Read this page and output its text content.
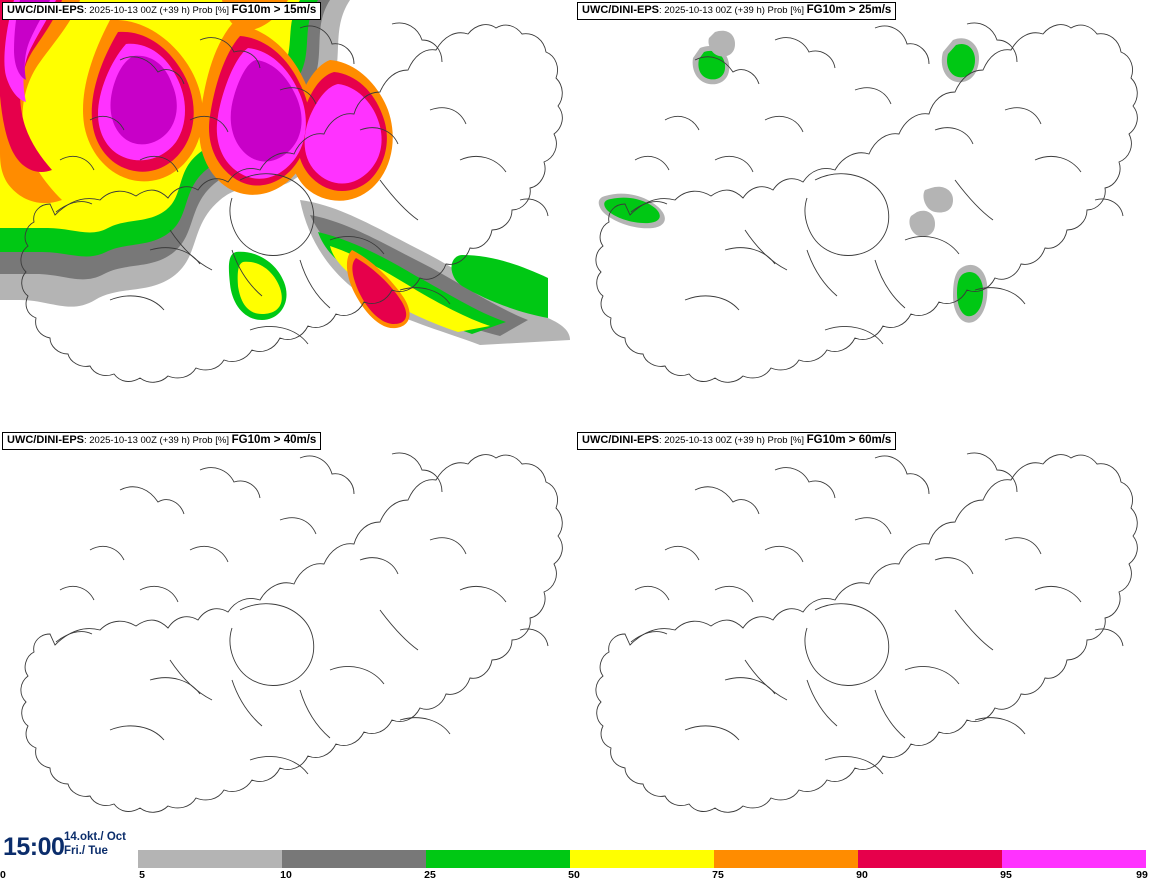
UWC/DINI-EPS: 2025-10-13 00Z (+39 h) Prob [%] FG10m > 15m/s	UWC/DINI-EPS: 2025-10-13 00Z (+39 h) Prob [%] FG10m > 25m/s
UWC/DINI-EPS: 2025-10-13 00Z (+39 h) Prob [%] FG10m > 40m/s	UWC/DINI-EPS: 2025-10-13 00Z (+39 h) Prob [%] FG10m > 60m/s
15:00 14.okt./ Oct
Fri./ Tue
5	10	25	50	75	90	95	99
0
